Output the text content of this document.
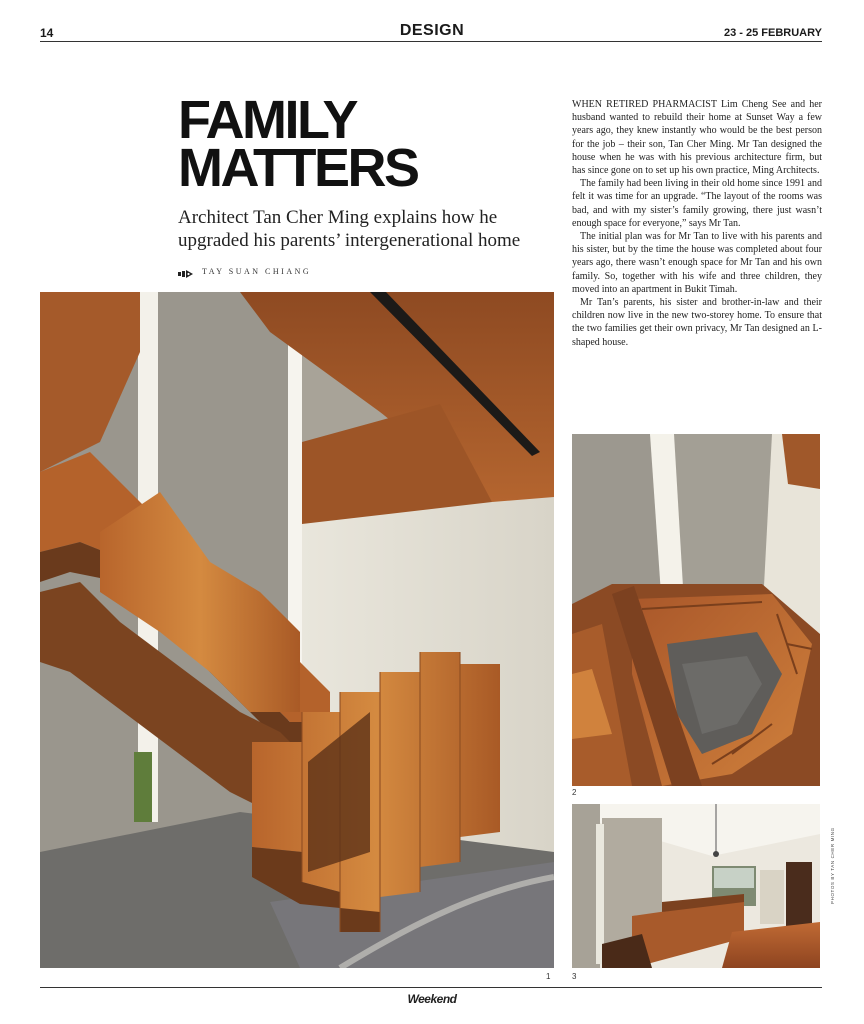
14	DESIGN	23 - 25 FEBRUARY
FAMILY
MATTERS
Architect Tan Cher Ming explains how he upgraded his parents’ intergenerational home
TAY SUAN CHIANG

WHEN RETIRED PHARMACIST Lim Cheng See and her husband wanted to rebuild their home at Sunset Way a few years ago, they knew instantly who would be the best person for the job – their son, Tan Cher Ming. Mr Tan designed the house when he was with his previous architecture firm, but has since gone on to set up his own practice, Ming Architects.

The family had been living in their old home since 1991 and felt it was time for an upgrade. “The layout of the rooms was bad, and with my sister’s family growing, there just wasn’t enough space for everyone,” says Mr Tan.

The initial plan was for Mr Tan to live with his parents and his sister, but by the time the house was completed about four years ago, there wasn’t enough space for Mr Tan and his own family. So, together with his wife and three children, they moved into an apartment in Bukit Timah.

Mr Tan’s parents, his sister and brother-in-law and their children now live in the new two-storey home. To ensure that the two families get their own privacy, Mr Tan designed an L-shaped house.

1
2
3
PHOTOS BY TAN CHER MING
Weekend
